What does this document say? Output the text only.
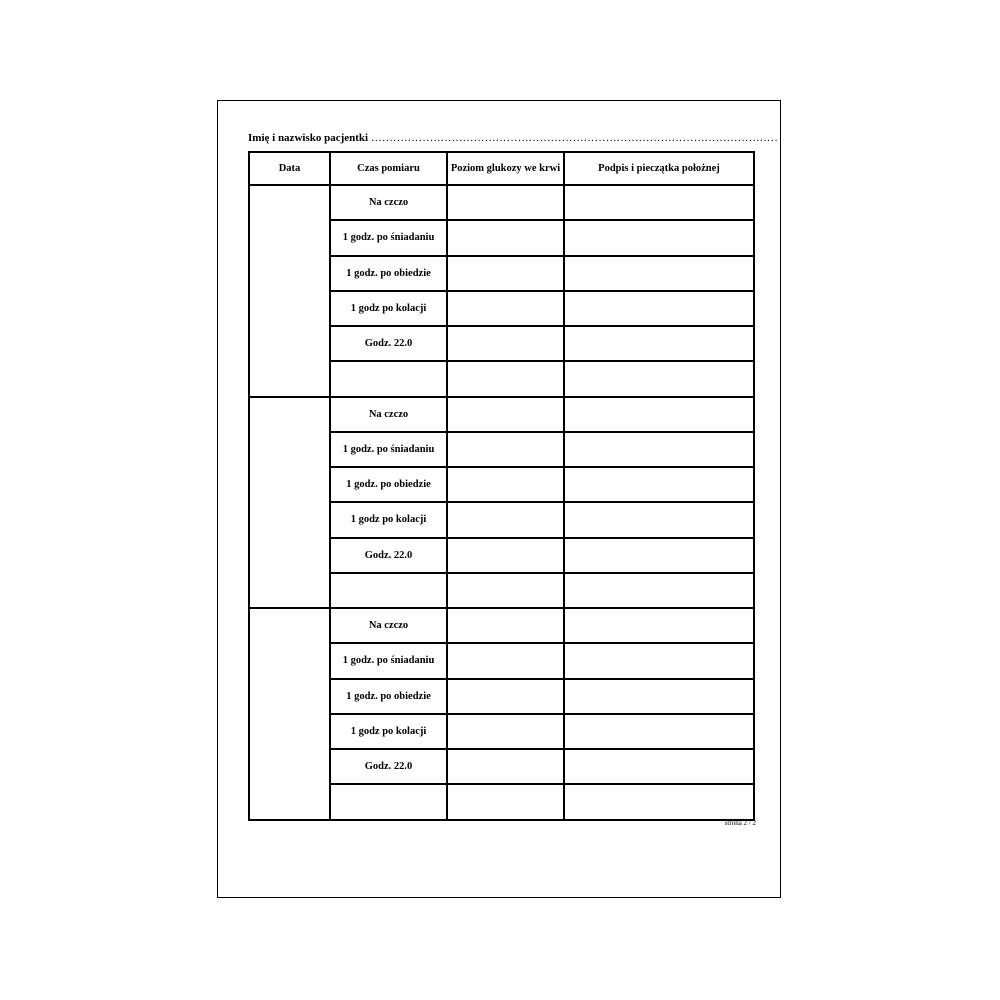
Imię i nazwisko pacjentki …………………………………………………………………………………………………
Data	Czas pomiaru	Poziom glukozy we krwi	Podpis i pieczątka położnej
	Na czczo		
	1 godz. po śniadaniu		
	1 godz. po obiedzie		
	1 godz po kolacji		
	Godz. 22.0		

	Na czczo		
	1 godz. po śniadaniu		
	1 godz. po obiedzie		
	1 godz po kolacji		
	Godz. 22.0		

	Na czczo		
	1 godz. po śniadaniu		
	1 godz. po obiedzie		
	1 godz po kolacji		
	Godz. 22.0		

strona 2 / 2
